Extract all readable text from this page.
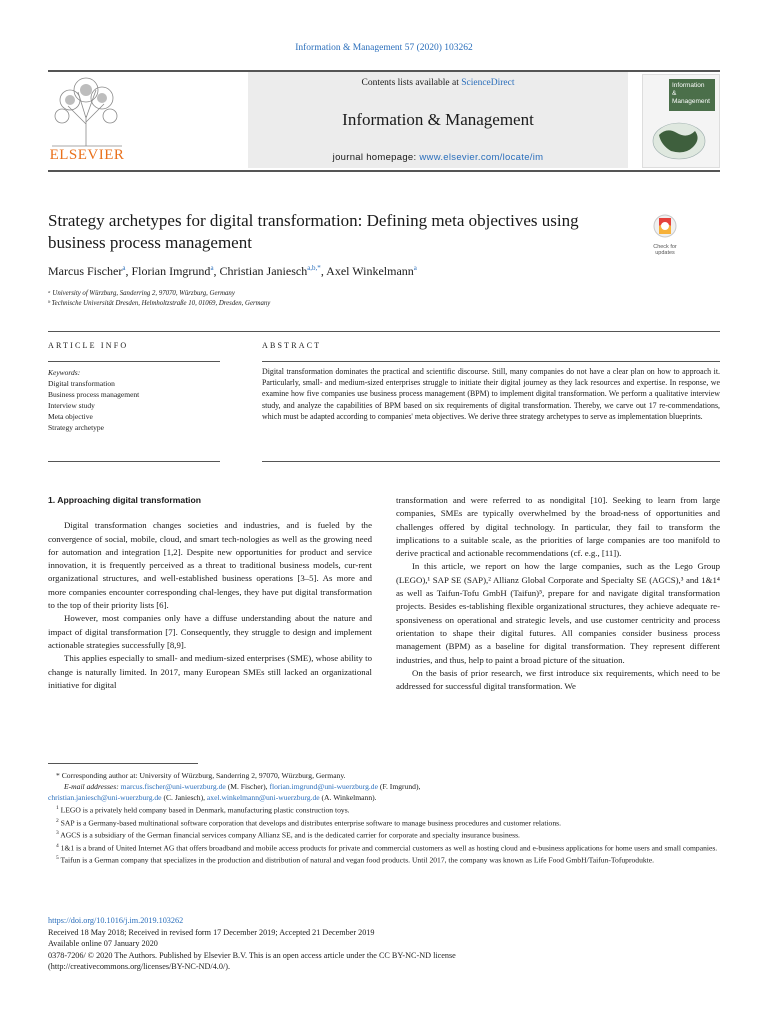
Information & Management 57 (2020) 103262
ELSEVIER
Contents lists available at ScienceDirect
Information & Management
journal homepage: www.elsevier.com/locate/im
Information
& Management
Strategy archetypes for digital transformation: Defining meta objectives using business process management	Check for
updates
Marcus Fischer$^a$, Florian Imgrund$^a$, Christian Janiesch$^{a,b,*}$, Axel Winkelmann$^a$
ᵃ University of Würzburg, Sanderring 2, 97070, Würzburg, Germany
ᵇ Technische Universität Dresden, Helmholtzstraße 10, 01069, Dresden, Germany
ARTICLE INFO	ABSTRACT
Keywords:
Digital transformation
Business process management
Interview study
Meta objective
Strategy archetype
Digital transformation dominates the practical and scientific discourse. Still, many companies do not have a clear plan on how to approach it. Particularly, small- and medium-sized enterprises struggle to initiate their digital journey as they lack resources and expertise. In response, we examine how five companies use business process management (BPM) to implement digital transformation. We perform a qualitative interview study, and analyze the capabilities of BPM based on six requirements of digital transformation. Thereby, we carve out 17 re-commendations, which must be adapted according to companies' meta objectives. We derive three strategy archetypes to serve as implementation blueprints.

1. Approaching digital transformation

Digital transformation changes societies and industries, and is fueled by the convergence of social, mobile, cloud, and smart tech-nologies as well as the growing need for automation and integration [1,2]. Despite new opportunities for product and service innovation, it is frequently perceived as a threat to traditional business models, cur-rent organizational structures, and well-established business operations [3–5]. As more and more companies encounter corresponding chal-lenges, they have put digital transformation to the top of their priority lists [6].

However, most companies only have a diffuse understanding about the nature and impact of digital transformation [7]. Consequently, they struggle to design and implement actionable strategies successfully [8,9].

This applies especially to small- and medium-sized enterprises (SME), whose ability to change is naturally limited. In 2017, many European SMEs still lacked an organizational initiative for digital

transformation and were referred to as nondigital [10]. Seeking to learn from large companies, SMEs are typically overwhelmed by the broad-ness of opportunities and challenges offered by digital technology. In particular, they fail to transform the implications to a suitable scale, as the priorities of large companies are too manifold to derive practical and actionable recommendations (cf. e.g., [11]).

In this article, we report on how the large companies, such as the Lego Group (LEGO),¹ SAP SE (SAP),² Allianz Global Corporate and Specialty SE (AGCS),³ and 1&1⁴ as well as Taifun-Tofu GmbH (Taifun)⁵, prepare for and navigate digital transformation projects. Besides es-tablishing flexible organizational structures, they achieve adequate re-sponsiveness on operational and strategic levels, and use customer centricity and process orientation to shape their digital futures. All companies consider business process management (BPM) as a baseline for digital transformation. They represent different industries, and thus, help to paint a broad picture of the situation.

On the basis of prior research, we first introduce six requirements, which need to be addressed for successful digital transformation. We

* Corresponding author at: University of Würzburg, Sanderring 2, 97070, Würzburg, Germany.

E-mail addresses: marcus.fischer@uni-wuerzburg.de (M. Fischer), florian.imgrund@uni-wuerzburg.de (F. Imgrund),

christian.janiesch@uni-wuerzburg.de (C. Janiesch), axel.winkelmann@uni-wuerzburg.de (A. Winkelmann).

$^1$ LEGO is a privately held company based in Denmark, manufacturing plastic construction toys.

$^2$ SAP is a Germany-based multinational software corporation that develops and distributes enterprise software to manage business procedures and customer relations.

$^3$ AGCS is a subsidiary of the German financial services company Allianz SE, and is the dedicated carrier for corporate and specialty insurance business.

$^4$ 1&1 is a brand of United Internet AG that offers broadband and mobile access products for private and commercial customers as well as hosting cloud and e-business applications for home users and small companies.

$^5$ Taifun is a German company that specializes in the production and distribution of natural and vegan food products. Until 2017, the company was known as Life Food GmbH/Taifun-Tofuprodukte.

https://doi.org/10.1016/j.im.2019.103262
Received 18 May 2018; Received in revised form 17 December 2019; Accepted 21 December 2019
Available online 07 January 2020
0378-7206/ © 2020 The Authors. Published by Elsevier B.V. This is an open access article under the CC BY-NC-ND license
(http://creativecommons.org/licenses/BY-NC-ND/4.0/).
